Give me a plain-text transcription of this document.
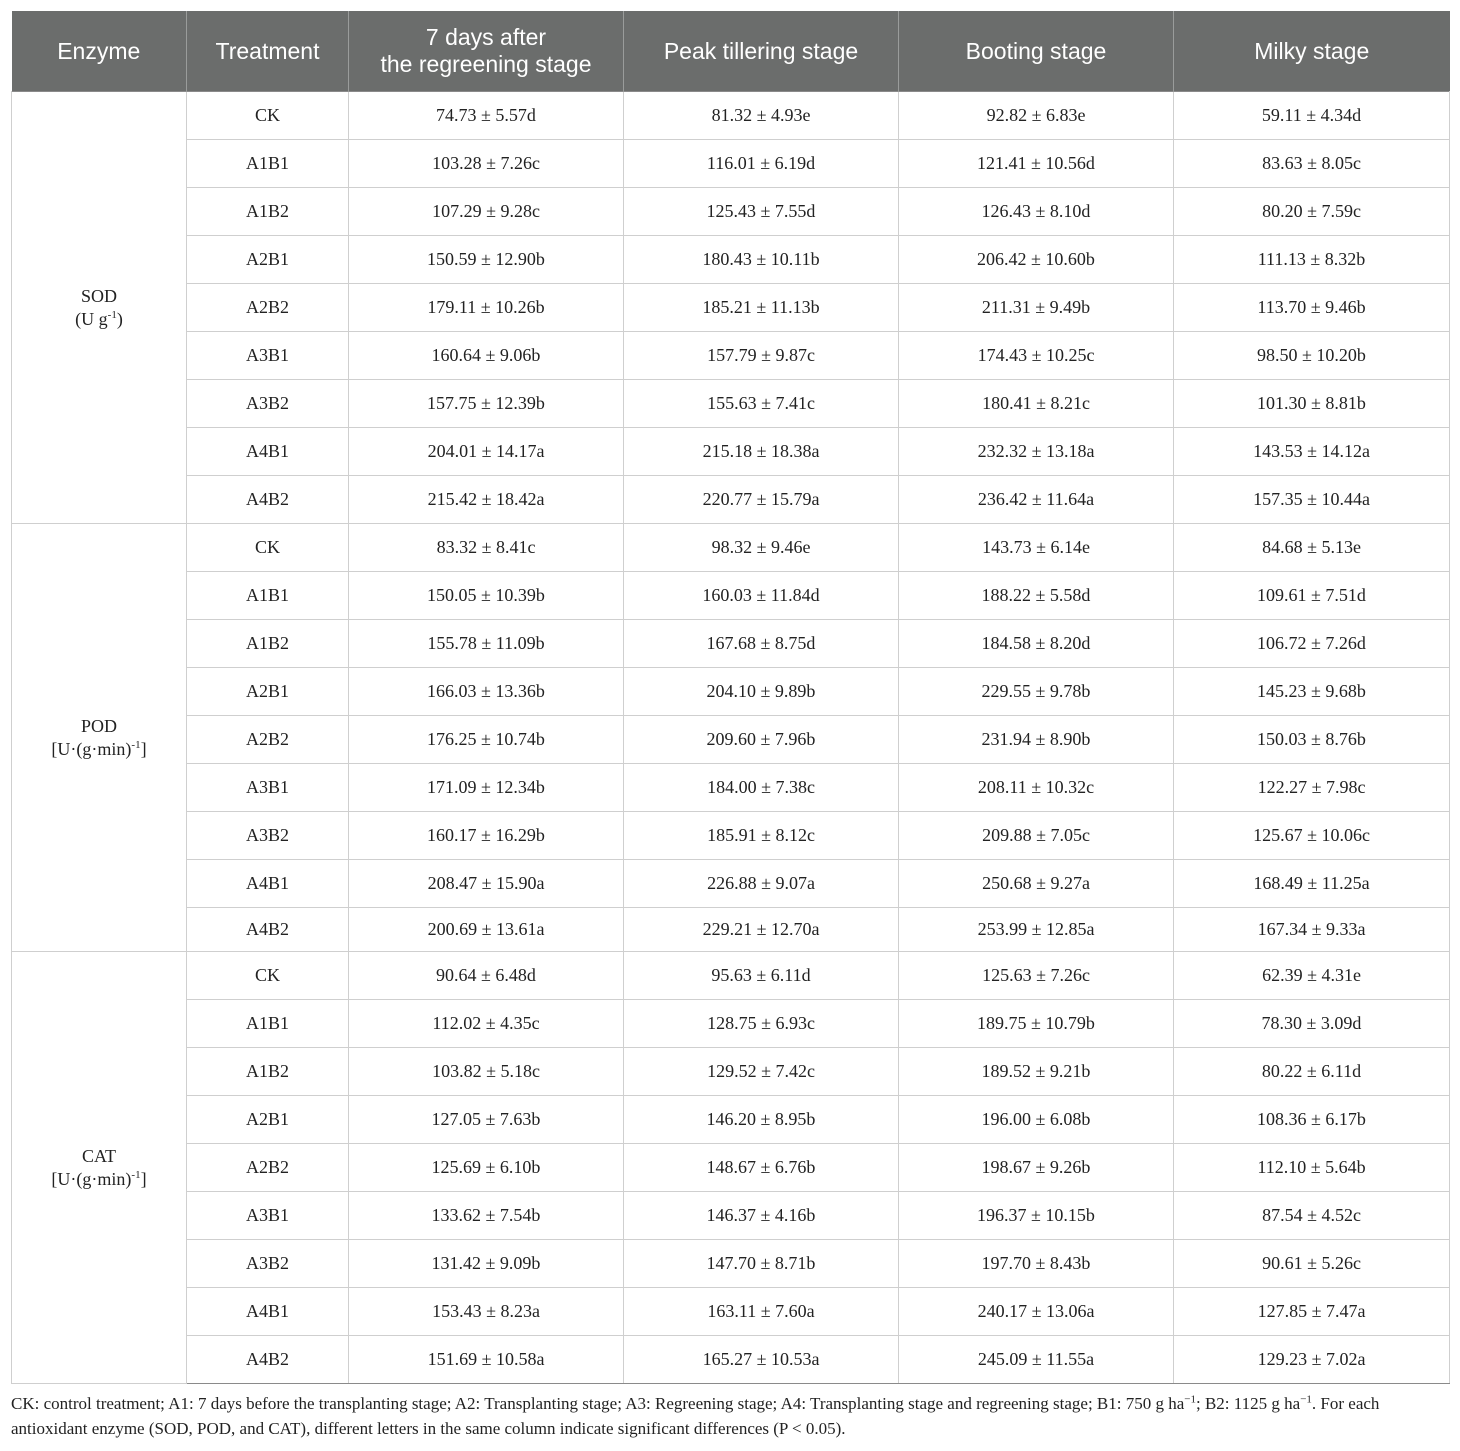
Enzyme	Treatment	7 days after
the regreening stage	Peak tillering stage	Booting stage	Milky stage
SOD
(U $g^{-1}$)	CK	74.73 ± 5.57d	81.32 ± 4.93e	92.82 ± 6.83e	59.11 ± 4.34d
	A1B1	103.28 ± 7.26c	116.01 ± 6.19d	121.41 ± 10.56d	83.63 ± 8.05c
	A1B2	107.29 ± 9.28c	125.43 ± 7.55d	126.43 ± 8.10d	80.20 ± 7.59c
	A2B1	150.59 ± 12.90b	180.43 ± 10.11b	206.42 ± 10.60b	111.13 ± 8.32b
	A2B2	179.11 ± 10.26b	185.21 ± 11.13b	211.31 ± 9.49b	113.70 ± 9.46b
	A3B1	160.64 ± 9.06b	157.79 ± 9.87c	174.43 ± 10.25c	98.50 ± 10.20b
	A3B2	157.75 ± 12.39b	155.63 ± 7.41c	180.41 ± 8.21c	101.30 ± 8.81b
	A4B1	204.01 ± 14.17a	215.18 ± 18.38a	232.32 ± 13.18a	143.53 ± 14.12a
	A4B2	215.42 ± 18.42a	220.77 ± 15.79a	236.42 ± 11.64a	157.35 ± 10.44a
POD
$[U\cdot(g\cdot\min)^{-1}]$	CK	83.32 ± 8.41c	98.32 ± 9.46e	143.73 ± 6.14e	84.68 ± 5.13e
	A1B1	150.05 ± 10.39b	160.03 ± 11.84d	188.22 ± 5.58d	109.61 ± 7.51d
	A1B2	155.78 ± 11.09b	167.68 ± 8.75d	184.58 ± 8.20d	106.72 ± 7.26d
	A2B1	166.03 ± 13.36b	204.10 ± 9.89b	229.55 ± 9.78b	145.23 ± 9.68b
	A2B2	176.25 ± 10.74b	209.60 ± 7.96b	231.94 ± 8.90b	150.03 ± 8.76b
	A3B1	171.09 ± 12.34b	184.00 ± 7.38c	208.11 ± 10.32c	122.27 ± 7.98c
	A3B2	160.17 ± 16.29b	185.91 ± 8.12c	209.88 ± 7.05c	125.67 ± 10.06c
	A4B1	208.47 ± 15.90a	226.88 ± 9.07a	250.68 ± 9.27a	168.49 ± 11.25a
	A4B2	200.69 ± 13.61a	229.21 ± 12.70a	253.99 ± 12.85a	167.34 ± 9.33a
CAT
$[U\cdot(g\cdot\min)^{-1}]$	CK	90.64 ± 6.48d	95.63 ± 6.11d	125.63 ± 7.26c	62.39 ± 4.31e
	A1B1	112.02 ± 4.35c	128.75 ± 6.93c	189.75 ± 10.79b	78.30 ± 3.09d
	A1B2	103.82 ± 5.18c	129.52 ± 7.42c	189.52 ± 9.21b	80.22 ± 6.11d
	A2B1	127.05 ± 7.63b	146.20 ± 8.95b	196.00 ± 6.08b	108.36 ± 6.17b
	A2B2	125.69 ± 6.10b	148.67 ± 6.76b	198.67 ± 9.26b	112.10 ± 5.64b
	A3B1	133.62 ± 7.54b	146.37 ± 4.16b	196.37 ± 10.15b	87.54 ± 4.52c
	A3B2	131.42 ± 9.09b	147.70 ± 8.71b	197.70 ± 8.43b	90.61 ± 5.26c
	A4B1	153.43 ± 8.23a	163.11 ± 7.60a	240.17 ± 13.06a	127.85 ± 7.47a
	A4B2	151.69 ± 10.58a	165.27 ± 10.53a	245.09 ± 11.55a	129.23 ± 7.02a
CK: control treatment; A1: 7 days before the transplanting stage; A2: Transplanting stage; A3: Regreening stage; A4: Transplanting stage and regreening stage; B1: 750 g $ha^{-1}$; B2: 1125 g $ha^{-1}$. For each antioxidant enzyme (SOD, POD, and CAT), different letters in the same column indicate significant differences (P < 0.05).
